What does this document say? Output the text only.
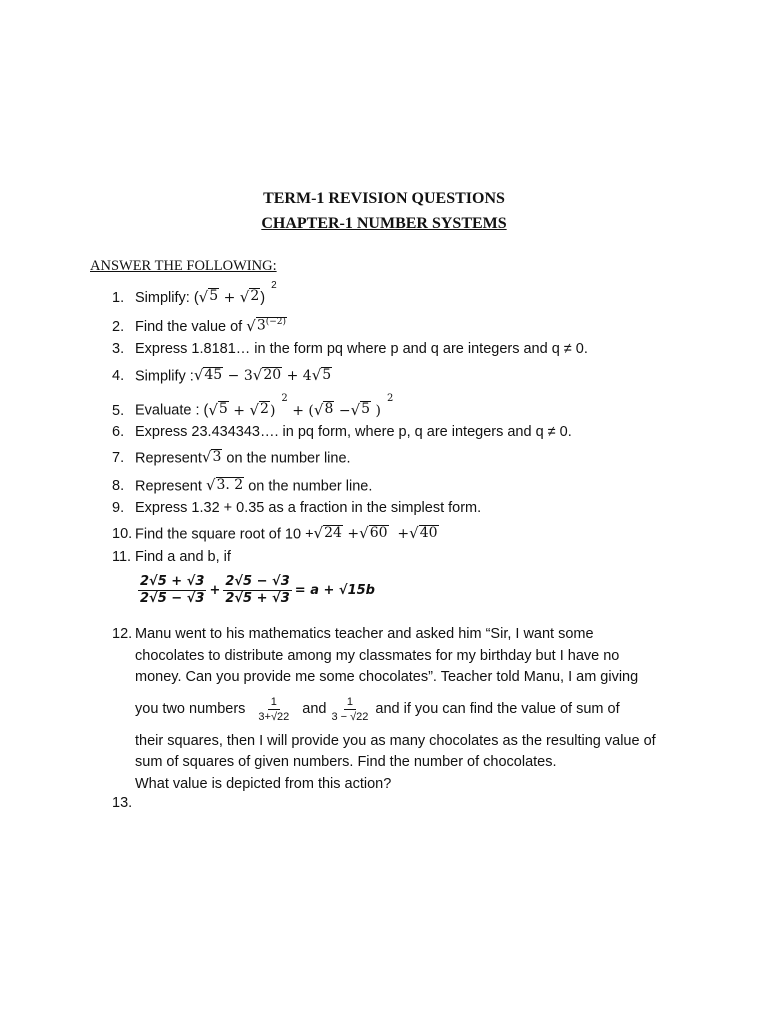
TERM-1 REVISION QUESTIONS
CHAPTER-1 NUMBER SYSTEMS
ANSWER THE FOLLOWING:
1. Simplify: ( √ 5 + √ 2 )$^2$
2. Find the value of √ $3^{(-2)}$
3. Express 1.8181… in the form pq where p and q are integers and q ≠ 0.
4. Simplify : √ 45 − 3 √ 20 + 4 √ 5
5. Evaluate : ( √ 5 + √ 2 )$^2$ + ( √ 8 − √ 5 )$^2$
6. Express 23.434343…. in pq form, where p, q are integers and q ≠ 0.
7. Represent √ 3 on the number line.
8. Represent √ 3. 2 on the number line.
9. Express 1.32 + 0.35 as a fraction in the simplest form.
10. Find the square root of 10 + √ 24 + √ 60 + √ 40
11. Find a and b, if
2√5 + √3
2√5 − √3
+ $\frac{2√5 - √3}{2√5 + √3} = a + √15b$
12. Manu went to his mathematics teacher and asked him “Sir, I want some
chocolates to distribute among my classmates for my birthday but I have no
money. Can you provide me some chocolates”. Teacher told Manu, I am giving
you two numbers $\frac{1}{3+√22}$ and $\frac{1}{3 - √22}$ and if you can find the value of sum of
their squares, then I will provide you as many chocolates as the resulting value of
sum of squares of given numbers. Find the number of chocolates.
What value is depicted from this action?
13.
